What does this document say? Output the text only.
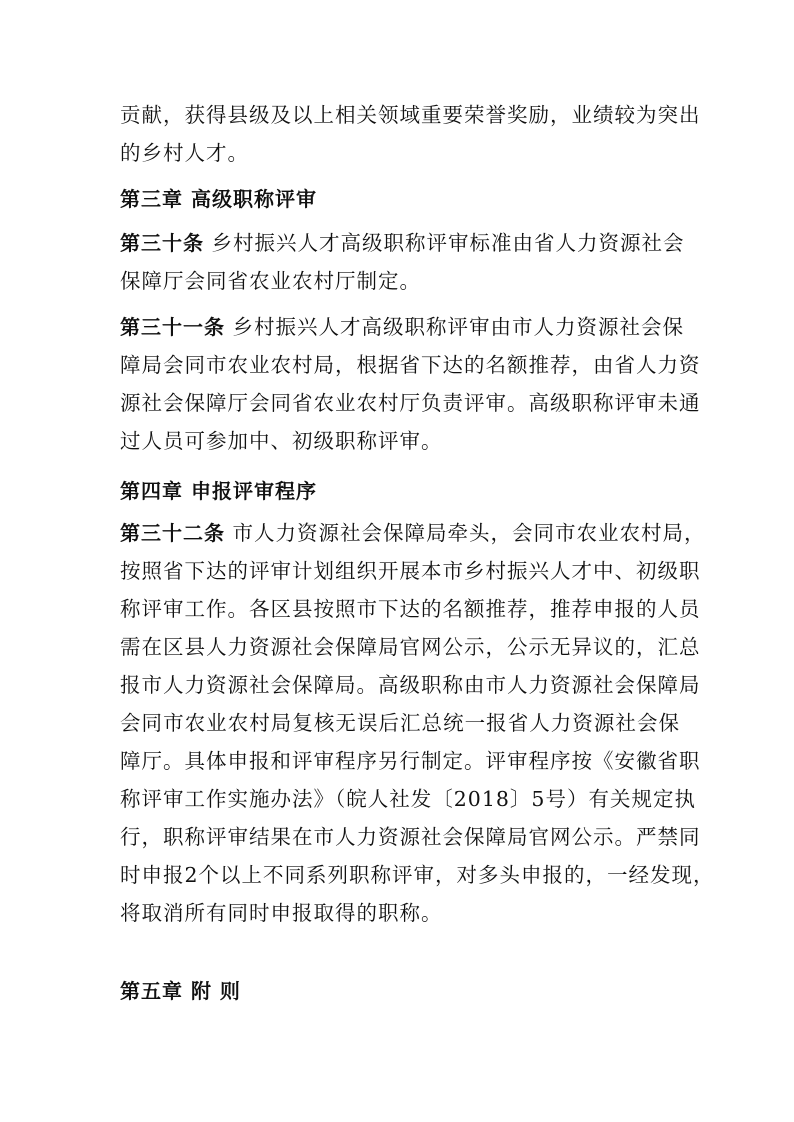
贡献，获得县级及以上相关领域重要荣誉奖励，业绩较为突出
的乡村人才。
第三章 高级职称评审
第三十条 乡村振兴人才高级职称评审标准由省人力资源社会
保障厅会同省农业农村厅制定。
第三十一条 乡村振兴人才高级职称评审由市人力资源社会保
障局会同市农业农村局，根据省下达的名额推荐，由省人力资
源社会保障厅会同省农业农村厅负责评审。高级职称评审未通
过人员可参加中、初级职称评审。
第四章 申报评审程序
第三十二条 市人力资源社会保障局牵头，会同市农业农村局，
按照省下达的评审计划组织开展本市乡村振兴人才中、初级职
称评审工作。各区县按照市下达的名额推荐，推荐申报的人员
需在区县人力资源社会保障局官网公示，公示无异议的，汇总
报市人力资源社会保障局。高级职称由市人力资源社会保障局
会同市农业农村局复核无误后汇总统一报省人力资源社会保
障厅。具体申报和评审程序另行制定。评审程序按《安徽省职
称评审工作实施办法》（皖人社发〔2018〕5号）有关规定执
行，职称评审结果在市人力资源社会保障局官网公示。严禁同
时申报2个以上不同系列职称评审，对多头申报的，一经发现，
将取消所有同时申报取得的职称。
第五章 附 则
